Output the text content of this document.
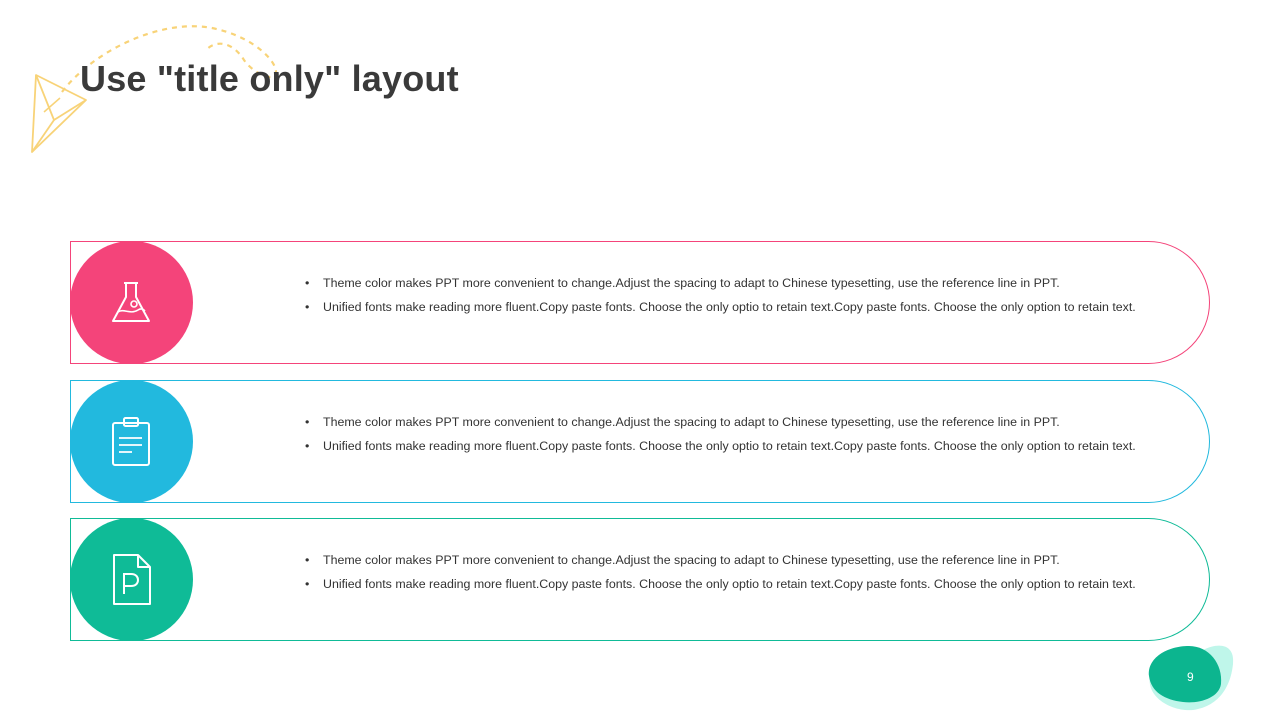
Use "title only" layout
• Theme color makes PPT more convenient to change.Adjust the spacing to adapt to Chinese typesetting, use the reference line in PPT.
• Unified fonts make reading more fluent.Copy paste fonts. Choose the only optio to retain text.Copy paste fonts. Choose the only option to retain text.
• Theme color makes PPT more convenient to change.Adjust the spacing to adapt to Chinese typesetting, use the reference line in PPT.
• Unified fonts make reading more fluent.Copy paste fonts. Choose the only optio to retain text.Copy paste fonts. Choose the only option to retain text.
• Theme color makes PPT more convenient to change.Adjust the spacing to adapt to Chinese typesetting, use the reference line in PPT.
• Unified fonts make reading more fluent.Copy paste fonts. Choose the only optio to retain text.Copy paste fonts. Choose the only option to retain text.
9
